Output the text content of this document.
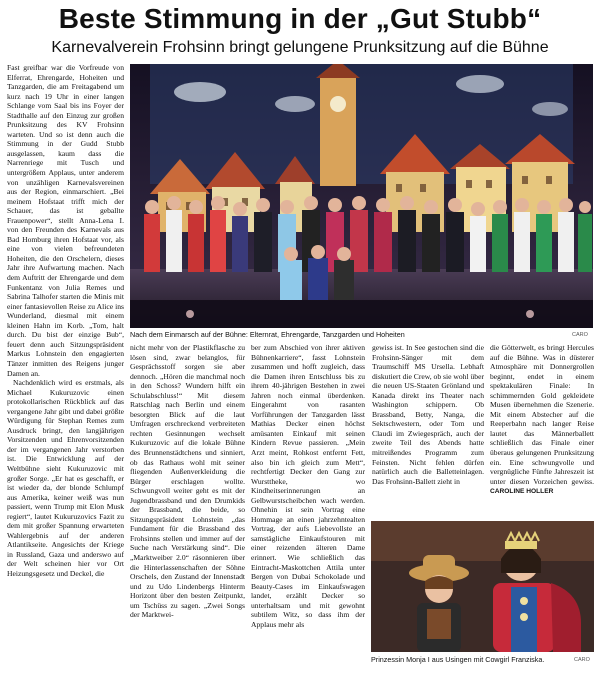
Beste Stimmung in der „Gut Stubb“
Karnevalverein Frohsinn bringt gelungene Prunksitzung auf die Bühne

Fast greifbar war die Vorfreude von Elferrat, Ehrengarde, Hoheiten und Tanzgarden, die am Freitagabend um kurz nach 19 Uhr in einer langen Schlange vom Saal bis ins Foyer der Stadthalle auf den Einzug zur großen Prunksitzung des KV Frohsinn warteten. Und so ist denn auch die Stimmung in der Gudd Stubb ausgelassen, kaum dass die Narrenriege mit Tusch und untergrößem Applaus, unter anderem von unzähligen Karnevalsvereinen aus der Region, einmarschiert. „Bei meinem Hofstaat trifft mich der Schauer, das ist geballte Frauenpower“, stellt Anna-Lena I. von den Freunden des Karnevals aus Bad Homburg ihren Hofstaat vor, als eine von vielen befreundeten Hoheiten, die den Orschelern, dieses Jahr ihre Aufwartung machen. Nach dem Auftritt der Ehrengarde und dem Funkentanz von Julia Remes und Sabrina Talhofer starten die Minis mit einer fantasievollen Reise zu Alice ins Wunderland, diesmal mit einem kleinen Hahn im Korb. „Tom, halt durch. Du bist der einzige Bub“, feuert denn auch Sitzungspräsident Markus Lohnstein den engagierten Tänzer inmitten des Reigens junger Damen an.

Nachdenklich wird es erstmals, als Michael Kukuruzovic einen protokollarischen Rückblick auf das vergangene Jahr gibt und dabei größte Würdigung für Stephan Remes zum Ausdruck bringt, den langjährigen Vorsitzenden und Ehrenvorsitzenden der im vergangenen Jahr verstorben ist. Die Entwicklung auf der Weltbühne sieht Kukuruzovic mit großer Sorge. „Er hat es geschafft, er ist wieder da, der blonde Schlumpf aus Amerika, keiner weiß was nun passiert, wenn Trump mit Elon Musk regiert“, lautet Kukuruzovics Fazit zu dem mit großer Spannung erwarteten Wahlergebnis auf der anderen Atlantikseite. Angesichts der Kriege in Russland, Gaza und anderswo auf der Welt scheinen hier vor Ort Heizungsgesetz und Deckel, die

Nach dem Einmarsch auf der Bühne: Elternrat, Ehrengarde, Tanzgarden und Hoheiten	CARO
nicht mehr von der Plastikflasche zu lösen sind, zwar belanglos, für Gesprächsstoff sorgen sie aber dennoch. „Hören die manchmal noch in den Schoss? Wundern hilft ein Schulabschluss!“ Mit diesem Ratschlag nach Berlin und einem besorgten Blick auf die laut Umfragen erschreckend verbreiteten rechten Gesinnungen wechselt Kukuruzovic auf die lokale Bühne des Brunnenstädtchens und sinniert, ob das Rathaus wohl mit seiner fliegenden Außenverkleidung die Bürger erschlagen wollte. Schwungvoll weiter geht es mit der Jugendbrassband und den Drumkids der Brassband, die beide, so Sitzungspräsident Lohnstein „das Fundament für die Brassband des Frohsinns stellen und immer auf der Suche nach Verstärkung sind“. Die „Marktweiber 2.0“ räsonnieren über die Hinterlassenschaften der Söhne Orschels, den Zustand der Innenstadt und zu Udo Lindenbergs Hinterm Horizont über den besten Zeitpunkt, um Tschüss zu sagen. „Zwei Songs der Marktwei-
ber zum Abschied von ihrer aktiven Bühnenkarriere“, fasst Lohnstein zusammen und hofft zugleich, dass die Damen ihren Entschluss bis zu ihrem 40-jährigen Bestehen in zwei Jahren noch einmal überdenken. Eingerahmt von rasanten Vorführungen der Tanzgarden lässt Mathias Decker einen höchst amüsanten Einkauf mit seinen Kindern Revue passieren. „Mein Arzt meint, Rohkost entfernt Fett, also bin ich gleich zum Mett“, rechtfertigt Decker den Gang zur Wursttheke, wo Kindheitserinnerungen an Gelbwurstscheibchen wach werden. Ohnehin ist sein Vortrag eine Hommage an einen jahrzehntealten Vortrag, der aufs Liebevollste an samstägliche Einkaufstouren mit einer reizenden älteren Dame erinnert. Wie schließlich das Eintracht-Maskottchen Attila unter Bergen von Dubai Schokolade und Beauty-Cases im Einkaufswagen landet, erzählt Decker so unterhaltsam und mit gewohnt subtilem Witz, so dass ihm der Applaus mehr als
gewiss ist. In See gestochen sind die Frohsinn-Sänger mit dem Traumschiff MS Ursella. Lebhaft diskutiert die Crew, ob sie wohl über die neuen US-Staaten Grönland und Kanada direkt ins Theater nach Washington schippern. Ob Brassband, Betty, Nanga, die Sektschwestern, oder Tom und Claudi im Zwiegespräch, auch der zweite Teil des Abends hatte mitreißendes Programm zum Feinsten. Nicht fehlen dürfen natürlich auch die Balletteinlagen. Das Frohsinn-Ballett zieht in
die Götterwelt, es bringt Hercules auf die Bühne. Was in düsterer Atmosphäre mit Donnergrollen beginnt, endet in einem spektakulären Finale: In schimmernden Gold gekleidete Musen übernehmen die Szenerie. Mit einem Abstecher auf die Reeperbahn nach langer Reise lautet das Männerballett schließlich das Finale einer überaus gelungenen Prunksitzung ein. Eine schwungvolle und vergnügliche Fünfte Jahreszeit ist unter diesen Vorzeichen gewiss. CAROLINE HOLLER
Prinzessin Monja I aus Usingen mit Cowgirl Franziska.	CARO
